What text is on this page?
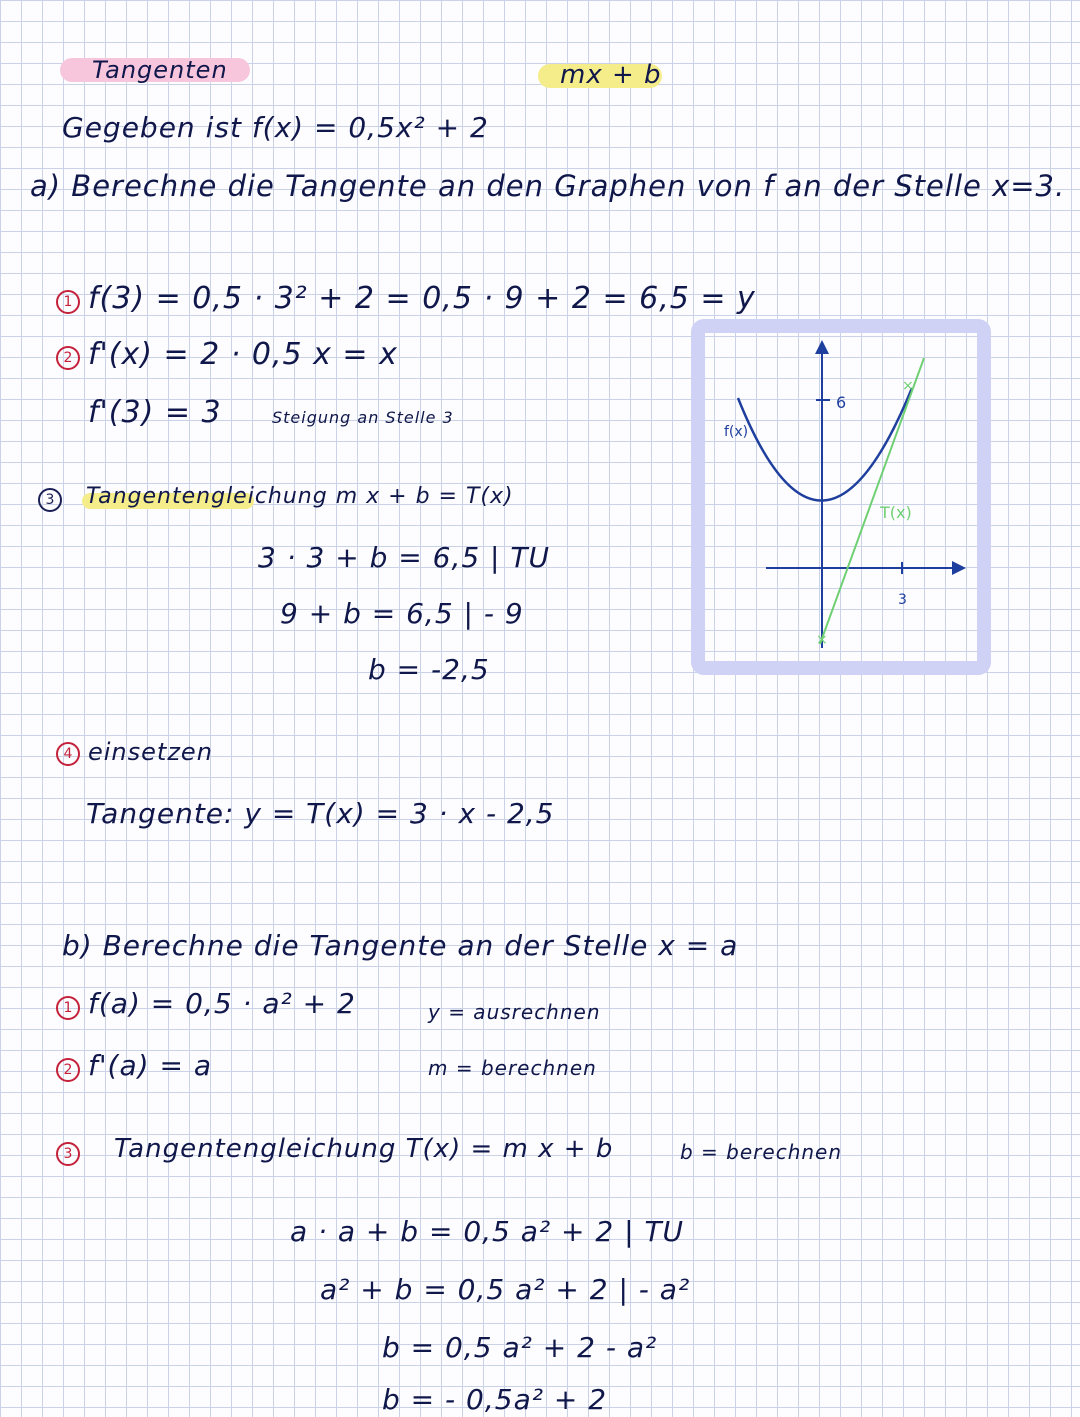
Tangenten	mx + b
Gegeben ist f(x) = 0,5x² + 2
a) Berechne die Tangente an den Graphen von f an der Stelle x=3.
1 f(3) = 0,5 · 3² + 2 = 0,5 · 9 + 2 = 6,5 = y
2 f'(x) = 2 · 0,5 x = x
f'(3) = 3	Steigung an Stelle 3
3	Tangentengleichung m x + b = T(x)
3 · 3 + b = 6,5 | TU
9 + b = 6,5 | - 9
b = -2,5
4 einsetzen
Tangente: y = T(x) = 3 · x - 2,5
6
3
×
×
f(x)
T(x)
b) Berechne die Tangente an der Stelle x = a
1 f(a) = 0,5 · a² + 2	y = ausrechnen
2 f'(a) = a	m = berechnen
3 Tangentengleichung T(x) = m x + b	b = berechnen
a · a + b = 0,5 a² + 2 | TU
a² + b = 0,5 a² + 2 | - a²
b = 0,5 a² + 2 - a²
b = - 0,5a² + 2
